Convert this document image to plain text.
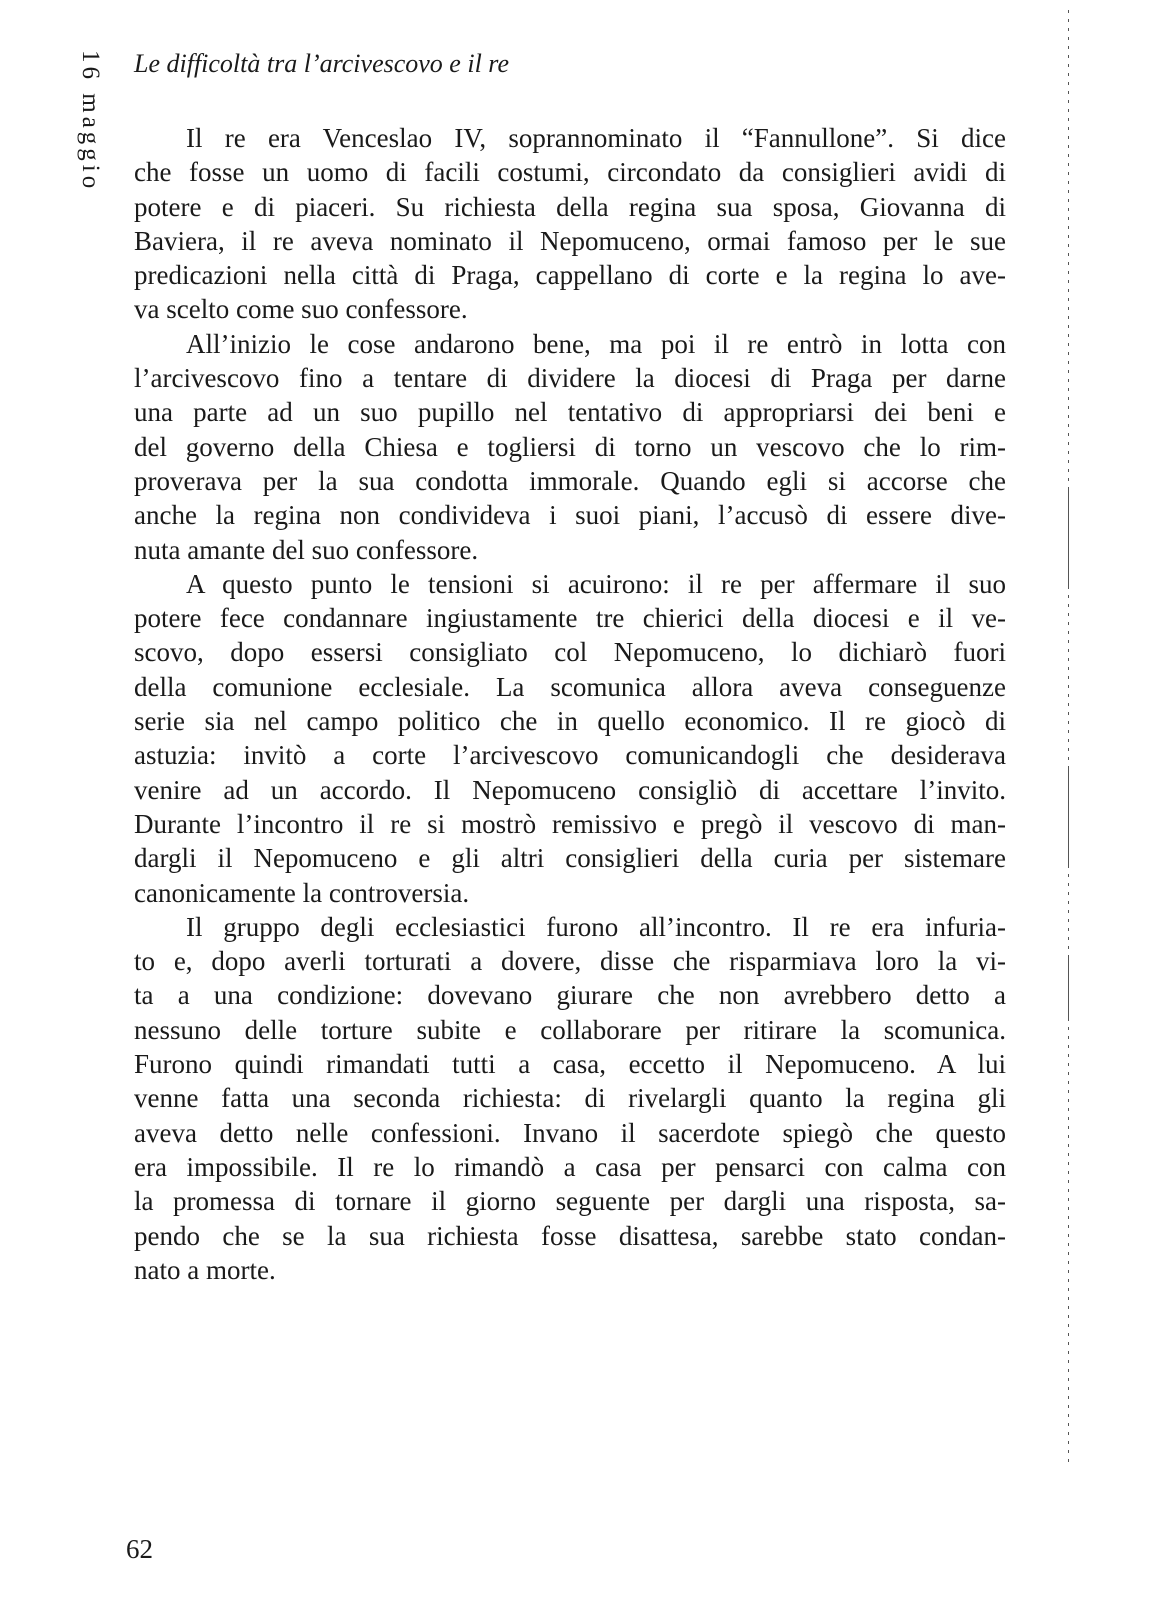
16 maggio Le difficoltà tra l’arcivescovo e il re
Il re era Venceslao IV, soprannominato il “Fannullone”. Si dice
che fosse un uomo di facili costumi, circondato da consiglieri avidi di
potere e di piaceri. Su richiesta della regina sua sposa, Giovanna di
Baviera, il re aveva nominato il Nepomuceno, ormai famoso per le sue
predicazioni nella città di Praga, cappellano di corte e la regina lo ave-
va scelto come suo confessore.
All’inizio le cose andarono bene, ma poi il re entrò in lotta con
l’arcivescovo fino a tentare di dividere la diocesi di Praga per darne
una parte ad un suo pupillo nel tentativo di appropriarsi dei beni e
del governo della Chiesa e togliersi di torno un vescovo che lo rim-
proverava per la sua condotta immorale. Quando egli si accorse che
anche la regina non condivideva i suoi piani, l’accusò di essere dive-
nuta amante del suo confessore.
A questo punto le tensioni si acuirono: il re per affermare il suo
potere fece condannare ingiustamente tre chierici della diocesi e il ve-
scovo, dopo essersi consigliato col Nepomuceno, lo dichiarò fuori
della comunione ecclesiale. La scomunica allora aveva conseguenze
serie sia nel campo politico che in quello economico. Il re giocò di
astuzia: invitò a corte l’arcivescovo comunicandogli che desiderava
venire ad un accordo. Il Nepomuceno consigliò di accettare l’invito.
Durante l’incontro il re si mostrò remissivo e pregò il vescovo di man-
dargli il Nepomuceno e gli altri consiglieri della curia per sistemare
canonicamente la controversia.
Il gruppo degli ecclesiastici furono all’incontro. Il re era infuria-
to e, dopo averli torturati a dovere, disse che risparmiava loro la vi-
ta a una condizione: dovevano giurare che non avrebbero detto a
nessuno delle torture subite e collaborare per ritirare la scomunica.
Furono quindi rimandati tutti a casa, eccetto il Nepomuceno. A lui
venne fatta una seconda richiesta: di rivelargli quanto la regina gli
aveva detto nelle confessioni. Invano il sacerdote spiegò che questo
era impossibile. Il re lo rimandò a casa per pensarci con calma con
la promessa di tornare il giorno seguente per dargli una risposta, sa-
pendo che se la sua richiesta fosse disattesa, sarebbe stato condan-
nato a morte.
62
